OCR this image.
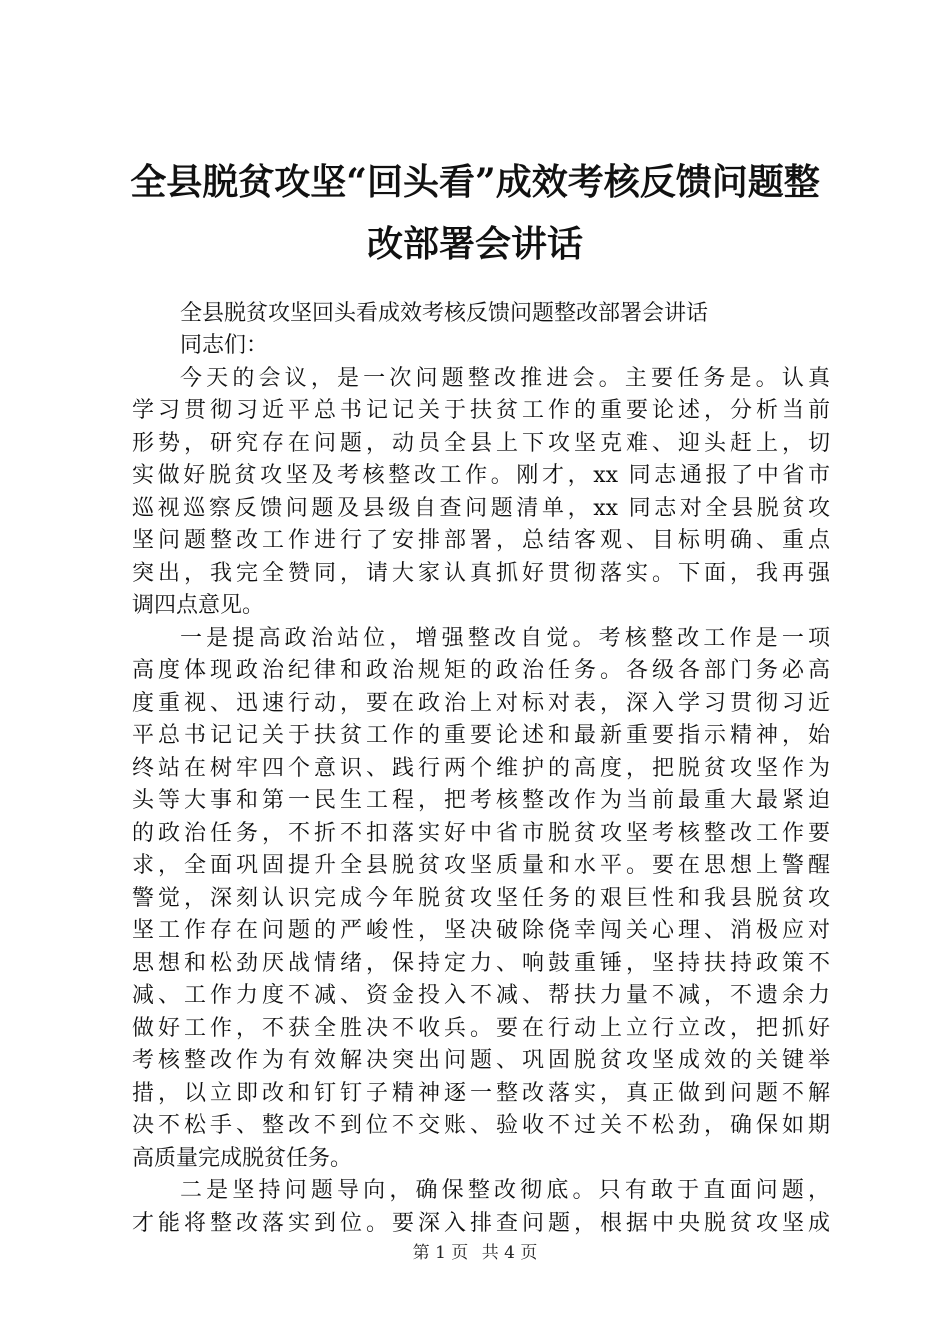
全县脱贫攻坚“回头看”成效考核反馈问题整
改部署会讲话
全县脱贫攻坚回头看成效考核反馈问题整改部署会讲话
同志们：
今天的会议，是一次问题整改推进会。主要任务是。认真
学习贯彻习近平总书记记关于扶贫工作的重要论述，分析当前
形势，研究存在问题，动员全县上下攻坚克难、迎头赶上，切
实做好脱贫攻坚及考核整改工作。刚才，xx 同志通报了中省市
巡视巡察反馈问题及县级自查问题清单，xx 同志对全县脱贫攻
坚问题整改工作进行了安排部署，总结客观、目标明确、重点
突出，我完全赞同，请大家认真抓好贯彻落实。下面，我再强
调四点意见。
一是提高政治站位，增强整改自觉。考核整改工作是一项
高度体现政治纪律和政治规矩的政治任务。各级各部门务必高
度重视、迅速行动，要在政治上对标对表，深入学习贯彻习近
平总书记记关于扶贫工作的重要论述和最新重要指示精神，始
终站在树牢四个意识、践行两个维护的高度，把脱贫攻坚作为
头等大事和第一民生工程，把考核整改作为当前最重大最紧迫
的政治任务，不折不扣落实好中省市脱贫攻坚考核整改工作要
求，全面巩固提升全县脱贫攻坚质量和水平。要在思想上警醒
警觉，深刻认识完成今年脱贫攻坚任务的艰巨性和我县脱贫攻
坚工作存在问题的严峻性，坚决破除侥幸闯关心理、消极应对
思想和松劲厌战情绪，保持定力、响鼓重锤，坚持扶持政策不
减、工作力度不减、资金投入不减、帮扶力量不减，不遗余力
做好工作，不获全胜决不收兵。要在行动上立行立改，把抓好
考核整改作为有效解决突出问题、巩固脱贫攻坚成效的关键举
措，以立即改和钉钉子精神逐一整改落实，真正做到问题不解
决不松手、整改不到位不交账、验收不过关不松劲，确保如期
高质量完成脱贫任务。
二是坚持问题导向，确保整改彻底。只有敢于直面问题，
才能将整改落实到位。要深入排查问题，根据中央脱贫攻坚成
第 1 页 共 4 页
